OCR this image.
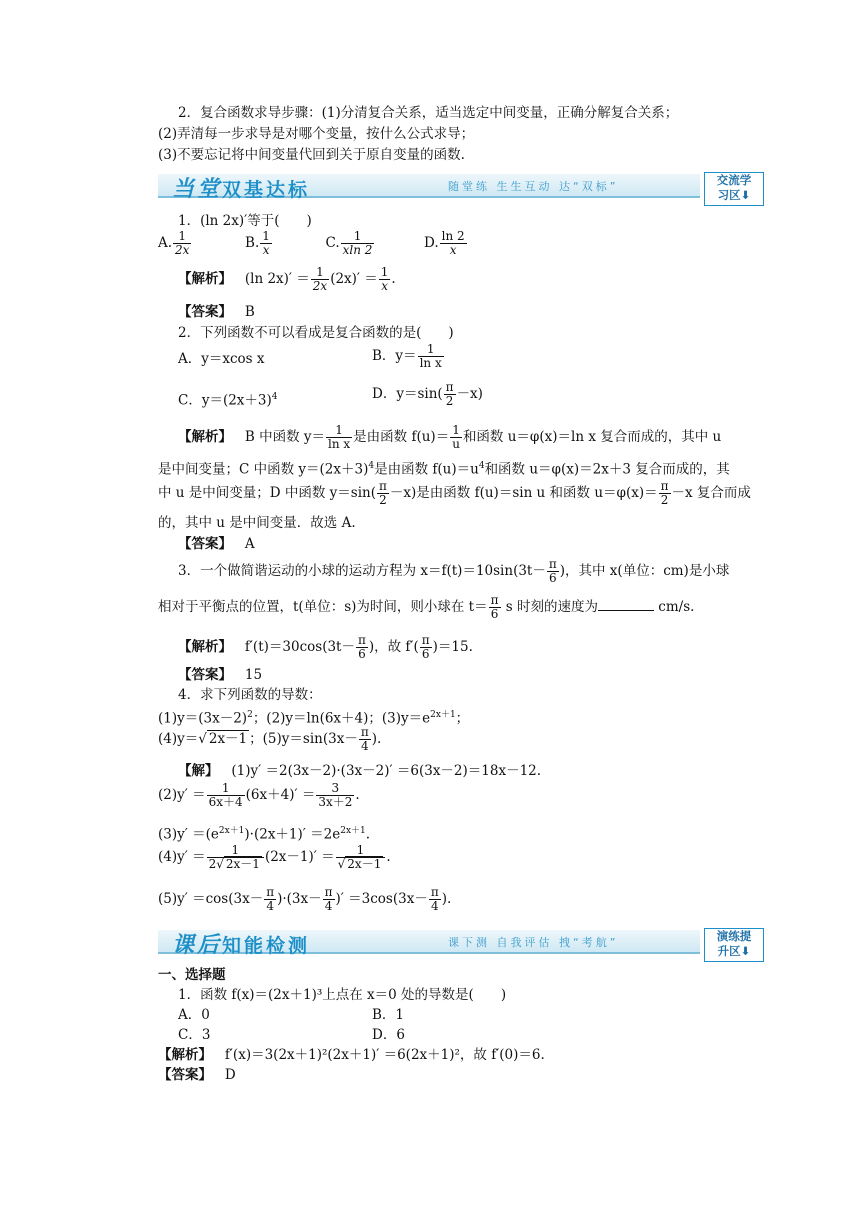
2．复合函数求导步骤：(1)分清复合关系，适当选定中间变量，正确分解复合关系；
(2)弄清每一步求导是对哪个变量，按什么公式求导；
(3)不要忘记将中间变量代回到关于原自变量的函数.
当堂双基达标	随堂练 生生互动 达“双标”	交流学
习区⬇
1．(ln 2x)′等于(　　)
A. $\frac{1}{2x}$	B. $\frac{1}{x}$	C. $\frac{1}{xln 2}$	D. $\frac{\ln 2}{x}$
【解析】 (ln $2x)' = \frac{1}{2x} (2x)' = \frac{1}{x}$ .
【答案】 B
2．下列函数不可以看成是复合函数的是(　　)
A．y＝xcos x	B．$y= \frac{1}{\text{ln x}}$
C．$y=(2x+3)^4$	D．$y=\sin( \frac{\pi}{2} -x)$
【解析】 B 中函数 $y= \frac{1}{\text{ln x}}$ 是由函数 $f(u)= \frac{1}{u}$ 和函数 u＝φ(x)＝ln x 复合而成的，其中 u
是中间变量；C 中函数 $y=(2x+3)^4$是由函数 $f(u)=u^4$和函数 u＝φ(x)＝2x＋3 复合而成的，其
中 u 是中间变量；D 中函数 $y=\sin( \frac{\pi}{2} -x)$是由函数 f(u)＝sin u 和函数 $u=\varphi(x)= \frac{\pi}{2} -x$ 复合而成
的，其中 u 是中间变量．故选 A.
【答案】 A
3．一个做简谐运动的小球的运动方程为 $x=f(t)=10\sin(3t- \frac{\pi}{6}$ )，其中 x(单位：cm)是小球
相对于平衡点的位置，t(单位：s)为时间，则小球在 $t= \frac{\pi}{6}$ s 时刻的速度为	cm/s.
【解析】 $f'(t)=30\cos(3t- \frac{\pi}{6}$ )，故 $f'( \frac{\pi}{6} )=15$.
【答案】 15
4．求下列函数的导数：
$(1)y=(3x-2)^2$；(2)y＝ln(6x＋4)；$(3)y=e^{2x+1}$；
(4)y＝√ 2x－1 ；$(5)y=\sin(3x- \frac{\pi}{4}$ ).
【解】 (1)y′ ＝2(3x－2)·(3x－2)′ ＝6(3x－2)＝18x－12.
$(2)y' = \frac{1}{6x+4} (6x+4)' = \frac{3}{3x+2}$ .
$(3)y' =(e^{2x+1})\cdot(2x+1)' =2e^{2x+1}$.
$(4)y' = \frac{1}{2√ 2x-1} (2x-1)' = \frac{1}{√ 2x-1}$ .
$(5)y' =\cos(3x- \frac{\pi}{4} )\cdot(3x- \frac{\pi}{4}$ )′ $=3\cos(3x- \frac{\pi}{4}$ ).
课后知能检测	课下测 自我评估 拽“考航”	演练提
升区⬇
一、选择题
1．函数 f(x)＝(2x＋1)³上点在 x＝0 处的导数是(　　)
A．0	B．1
C．3	D．6
【解析】 f′(x)＝3(2x＋1)²(2x＋1)′ ＝6(2x＋1)²，故 f′(0)＝6.
【答案】 D
